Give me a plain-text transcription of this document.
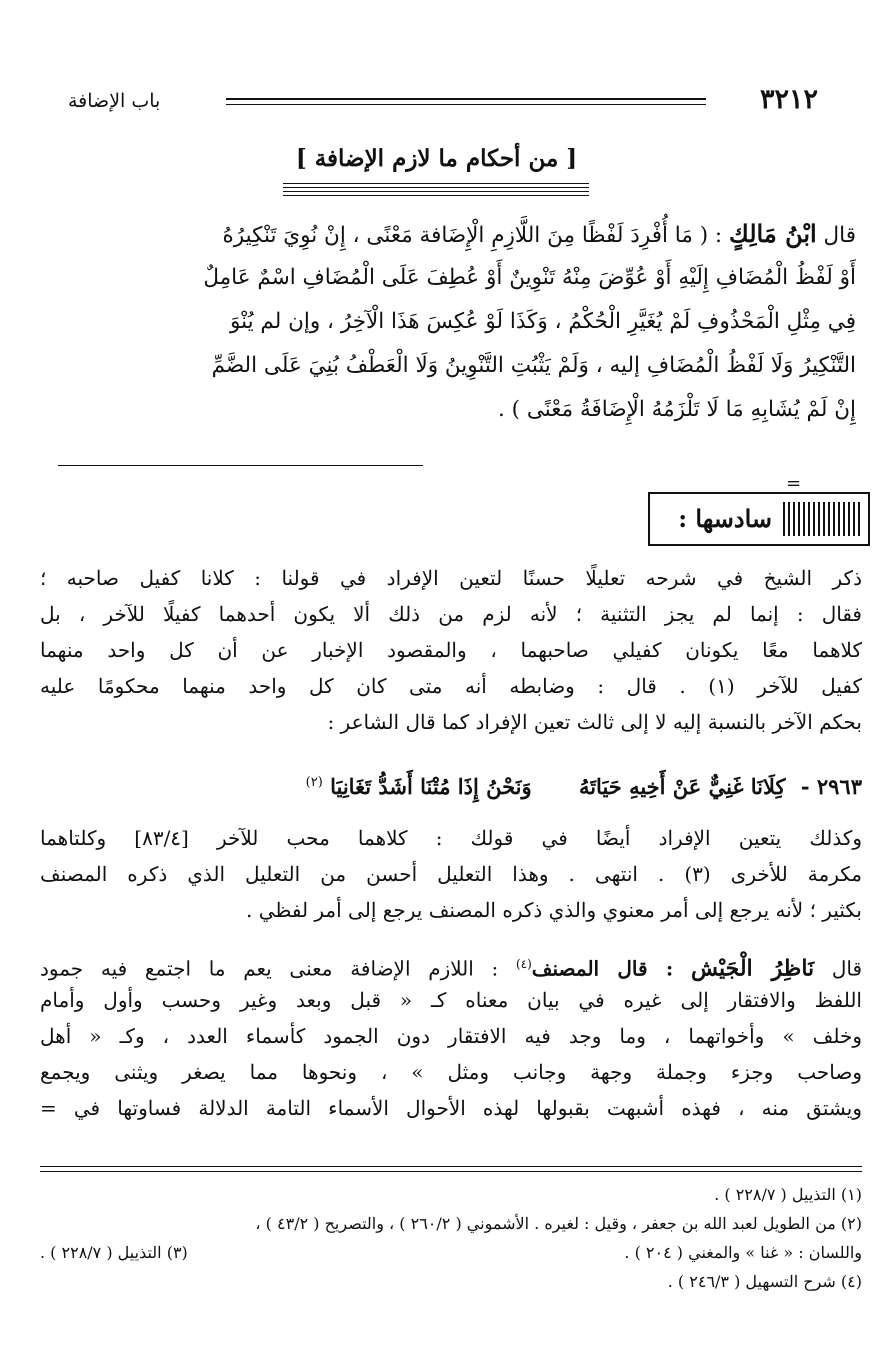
٣٢١٢
باب الإضافة
[ من أحكام ما لازم الإضافة ]
قال ابْنُ مَالِكٍ : ( مَا أُفْرِدَ لَفْظًا مِنَ اللَّازِمِ الْإِضَافة مَعْنًى ، إِنْ نُوِيَ تَنْكِيرُهُ
أَوْ لَفْظُ الْمُضَافِ إِلَيْهِ أَوْ عُوِّضَ مِنْهُ تَنْوِينٌ أَوْ عُطِفَ عَلَى الْمُضَافِ اسْمٌ عَامِلٌ
فِي مِثْلِ الْمَحْذُوفِ لَمْ يُغَيَّرِ الْحُكْمُ ، وَكَذَا لَوْ عُكِسَ هَذَا الْآخِرُ ، وإن لم يُنْوَ
التَّنْكِيرُ وَلَا لَفْظُ الْمُضَافِ إليه ، وَلَمْ يَثْبُتِ التَّنْوِينُ وَلَا الْعَطْفُ بُنِيَ عَلَى الضَّمِّ
إِنْ لَمْ يُشَابِهِ مَا لَا تَلْزَمُهُ الْإِضَافَةُ مَعْنًى ) .
=
سادسها :
ذكر الشيخ في شرحه تعليلًا حسنًا لتعين الإفراد في قولنا : كلانا كفيل صاحبه ؛
فقال : إنما لم يجز التثنية ؛ لأنه لزم من ذلك ألا يكون أحدهما كفيلًا للآخر ، بل
كلاهما معًا يكونان كفيلي صاحبهما ، والمقصود الإخبار عن أن كل واحد منهما
كفيل للآخر (١) . قال : وضابطه أنه متى كان كل واحد منهما محكومًا عليه
بحكم الآخر بالنسبة إليه لا إلى ثالث تعين الإفراد كما قال الشاعر :
٢٩٦٣ - كِلَانَا غَنِيٌّ عَنْ أَخِيهِ حَيَاتَهُ وَنَحْنُ إِذَا مُتْنَا أَشَدُّ تَغَانِيَا $^{(٢)}$
وكذلك يتعين الإفراد أيضًا في قولك : كلاهما محب للآخر [٨٣/٤] وكلتاهما
مكرمة للأخرى (٣) . انتهى . وهذا التعليل أحسن من التعليل الذي ذكره المصنف
بكثير ؛ لأنه يرجع إلى أمر معنوي والذي ذكره المصنف يرجع إلى أمر لفظي .
قال نَاظِرُ الْجَيْشِ : قال المصنف$^{(٤)}$ : اللازم الإضافة معنى يعم ما اجتمع فيه جمود
اللفظ والافتقار إلى غيره في بيان معناه كـ « قبل وبعد وغير وحسب وأول وأمام
وخلف » وأخواتهما ، وما وجد فيه الافتقار دون الجمود كأسماء العدد ، وكـ « أهل
وصاحب وجزء وجملة وجهة وجانب ومثل » ، ونحوها مما يصغر ويثنى ويجمع
ويشتق منه ، فهذه أشبهت بقبولها لهذه الأحوال الأسماء التامة الدلالة فساوتها في =
(١) التذييل ( ٢٢٨/٧ ) .
(٢) من الطويل لعبد الله بن جعفر ، وقيل : لغيره . الأشموني ( ٢٦٠/٢ ) ، والتصريح ( ٤٣/٢ ) ،
واللسان : « غنا » والمغني ( ٢٠٤ ) .
(٣) التذييل ( ٢٢٨/٧ ) .
(٤) شرح التسهيل ( ٢٤٦/٣ ) .
